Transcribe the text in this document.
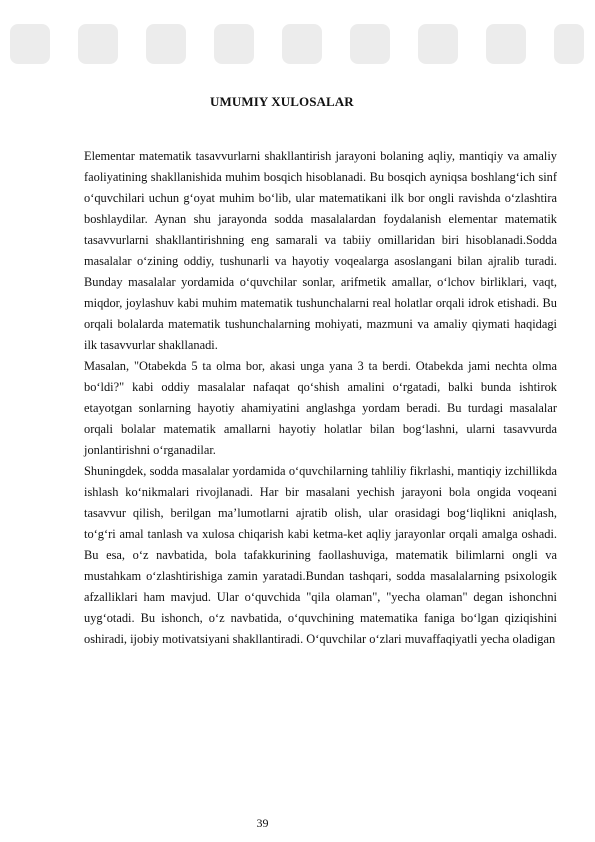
UMUMIY XULOSALAR

Elementar matematik tasavvurlarni shakllantirish jarayoni bolaning aqliy, mantiqiy va amaliy faoliyatining shakllanishida muhim bosqich hisoblanadi. Bu bosqich ayniqsa boshlang‘ich sinf o‘quvchilari uchun g‘oyat muhim bo‘lib, ular matematikani ilk bor ongli ravishda o‘zlashtira boshlaydilar. Aynan shu jarayonda sodda masalalardan foydalanish elementar matematik tasavvurlarni shakllantirishning eng samarali va tabiiy omillaridan biri hisoblanadi.Sodda masalalar o‘zining oddiy, tushunarli va hayotiy voqealarga asoslangani bilan ajralib turadi. Bunday masalalar yordamida o‘quvchilar sonlar, arifmetik amallar, o‘lchov birliklari, vaqt, miqdor, joylashuv kabi muhim matematik tushunchalarni real holatlar orqali idrok etishadi. Bu orqali bolalarda matematik tushunchalarning mohiyati, mazmuni va amaliy qiymati haqidagi ilk tasavvurlar shakllanadi.

Masalan, "Otabekda 5 ta olma bor, akasi unga yana 3 ta berdi. Otabekda jami nechta olma bo‘ldi?" kabi oddiy masalalar nafaqat qo‘shish amalini o‘rgatadi, balki bunda ishtirok etayotgan sonlarning hayotiy ahamiyatini anglashga yordam beradi. Bu turdagi masalalar orqali bolalar matematik amallarni hayotiy holatlar bilan bog‘lashni, ularni tasavvurda jonlantirishni o‘rganadilar.

Shuningdek, sodda masalalar yordamida o‘quvchilarning tahliliy fikrlashi, mantiqiy izchillikda ishlash ko‘nikmalari rivojlanadi. Har bir masalani yechish jarayoni bola ongida voqeani tasavvur qilish, berilgan ma’lumotlarni ajratib olish, ular orasidagi bog‘liqlikni aniqlash, to‘g‘ri amal tanlash va xulosa chiqarish kabi ketma-ket aqliy jarayonlar orqali amalga oshadi. Bu esa, o‘z navbatida, bola tafakkurining faollashuviga, matematik bilimlarni ongli va mustahkam o‘zlashtirishiga zamin yaratadi.Bundan tashqari, sodda masalalarning psixologik afzalliklari ham mavjud. Ular o‘quvchida "qila olaman", "yecha olaman" degan ishonchni uyg‘otadi. Bu ishonch, o‘z navbatida, o‘quvchining matematika faniga bo‘lgan qiziqishini oshiradi, ijobiy motivatsiyani shakllantiradi. O‘quvchilar o‘zlari muvaffaqiyatli yecha oladigan

39
